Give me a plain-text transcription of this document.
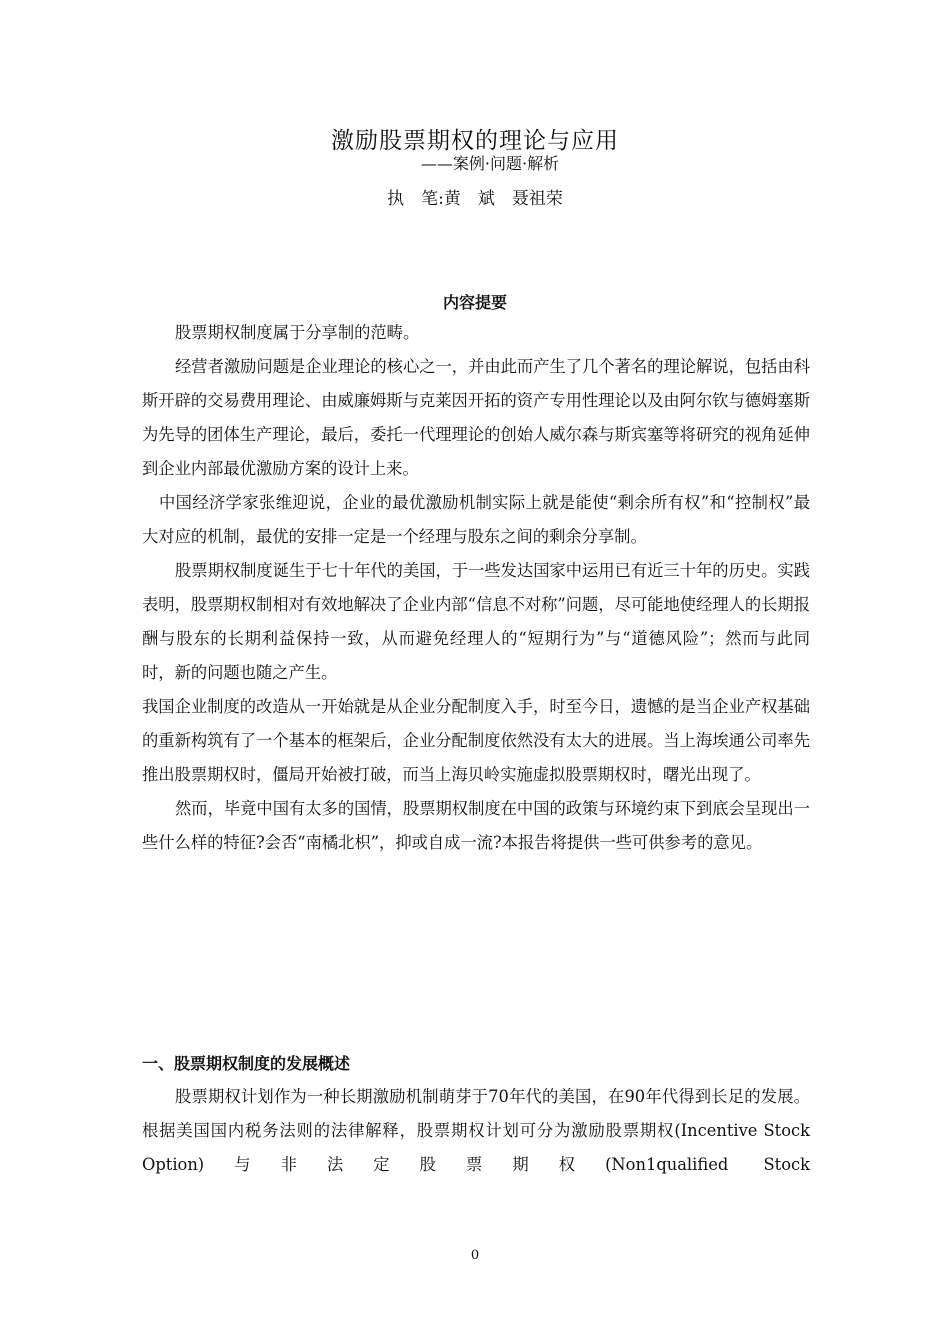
激励股票期权的理论与应用
——案例·问题·解析
执　笔:黄　斌　聂祖荣
内容提要

股票期权制度属于分享制的范畴。

经营者激励问题是企业理论的核心之一，并由此而产生了几个著名的理论解说，包括由科斯开辟的交易费用理论、由威廉姆斯与克莱因开拓的资产专用性理论以及由阿尔钦与德姆塞斯为先导的团体生产理论，最后，委托一代理理论的创始人威尔森与斯宾塞等将研究的视角延伸到企业内部最优激励方案的设计上来。

中国经济学家张维迎说，企业的最优激励机制实际上就是能使“剩余所有权”和“控制权”最大对应的机制，最优的安排一定是一个经理与股东之间的剩余分享制。

股票期权制度诞生于七十年代的美国，于一些发达国家中运用已有近三十年的历史。实践表明，股票期权制相对有效地解决了企业内部“信息不对称”问题，尽可能地使经理人的长期报酬与股东的长期利益保持一致，从而避免经理人的“短期行为”与“道德风险”；然而与此同时，新的问题也随之产生。

我国企业制度的改造从一开始就是从企业分配制度入手，时至今日，遗憾的是当企业产权基础的重新构筑有了一个基本的框架后，企业分配制度依然没有太大的进展。当上海埃通公司率先推出股票期权时，僵局开始被打破，而当上海贝岭实施虚拟股票期权时，曙光出现了。

然而，毕竟中国有太多的国情，股票期权制度在中国的政策与环境约束下到底会呈现出一些什么样的特征?会否“南橘北枳”，抑或自成一流?本报告将提供一些可供参考的意见。

一、股票期权制度的发展概述

股票期权计划作为一种长期激励机制萌芽于70年代的美国，在90年代得到长足的发展。根据美国国内税务法则的法律解释，股票期权计划可分为激励股票期权(Incentive Stock Option)与非法定股票期权(Non1qualified Stock

0
